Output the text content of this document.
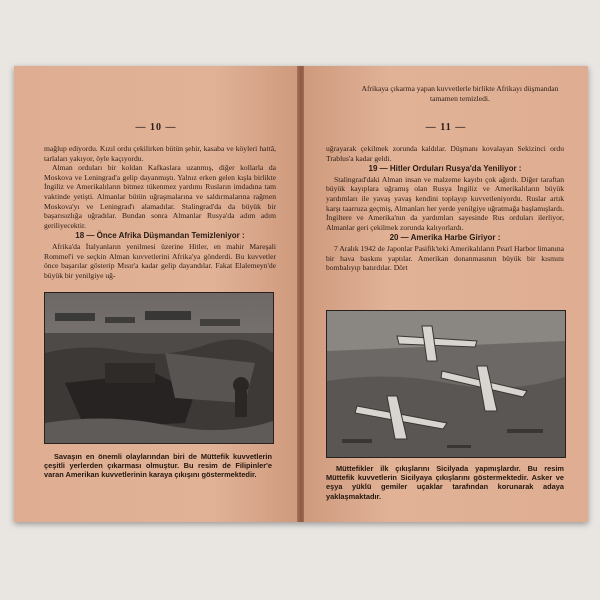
— 10 —

mağlup ediyordu. Kızıl ordu çekilirken bütün şehir, kasaba ve köyleri hattâ, tarlaları yakıyor, öyle kaçıyordu.

Alman orduları bir koldan Kafkaslara uzanmış, diğer kollarla da Moskova ve Leningrad'a gelip dayanmıştı. Yalnız erken gelen kışla birlikte İngiliz ve Amerikalıların bitmez tükenmez yardımı Rusların imdadına tam vaktinde yetişti. Almanlar bütün uğraşmalarına ve saldırmalarına rağmen Moskova'yı ve Leningrad'ı alamadılar. Stalingrad'da da büyük bir başarısızlığa uğradılar. Bundan sonra Almanlar Rusya'da adım adım geriliyecektir.

18 — Önce Afrika Düşmandan Temizleniyor :

Afrika'da İtalyanların yenilmesi üzerine Hitler, en mahir Mareşali Rommel'i ve seçkin Alman kuvvetlerini Afrika'ya gönderdi. Bu kuvvetler önce başarılar gösterip Mısır'a kadar gelip dayandılar. Fakat Elalemeyn'de büyük bir yenilgiye uğ-

Savaşın en önemli olaylarından biri de Müttefik kuvvetlerin çeşitli yerlerden çıkarması olmuştur. Bu resim de Filipinler'e varan Amerikan kuvvetlerinin karaya çıkışını göstermektedir.

Afrikaya çıkarma yapan kuvvetlerle birlikte Afrikayı düşmandan tamamen temizledi.

— 11 —

uğrayarak çekilmek zorunda kaldılar. Düşmanı kovalayan Sekizinci ordu Trablus'a kadar geldi.

19 — Hitler Orduları Rusya'da Yeniliyor :

Stalingrad'daki Alman insan ve malzeme kayıbı çok ağırdı. Diğer taraftan büyük kayıplara uğramış olan Rusya İngiliz ve Amerikalıların büyük yardımları ile yavaş yavaş kendini toplayıp kuvvetleniyordu. Ruslar artık karşı taarruza geçmiş, Almanları her yerde yenilgiye uğratmağa başlamışlardı. İngiltere ve Amerika'nın da yardımları sayesinde Rus orduları ilerliyor, Almanlar geri çekilmek zorunda kalıyorlardı.

20 — Amerika Harbe Giriyor :

7 Aralık 1942 de Japonlar Pasifik'teki Amerikalıların Pearl Harbor limanına bir hava baskını yaptılar. Amerikan donanmasının büyük bir kısmını bombalıyıp batırdılar. Dört

Müttefikler ilk çıkışlarını Sicilyada yapmışlardır. Bu resim Müttefik kuvvetlerin Sicilyaya çıkışlarını göstermektedir. Asker ve eşya yüklü gemiler uçaklar tarafından korunarak adaya yaklaşmaktadır.
